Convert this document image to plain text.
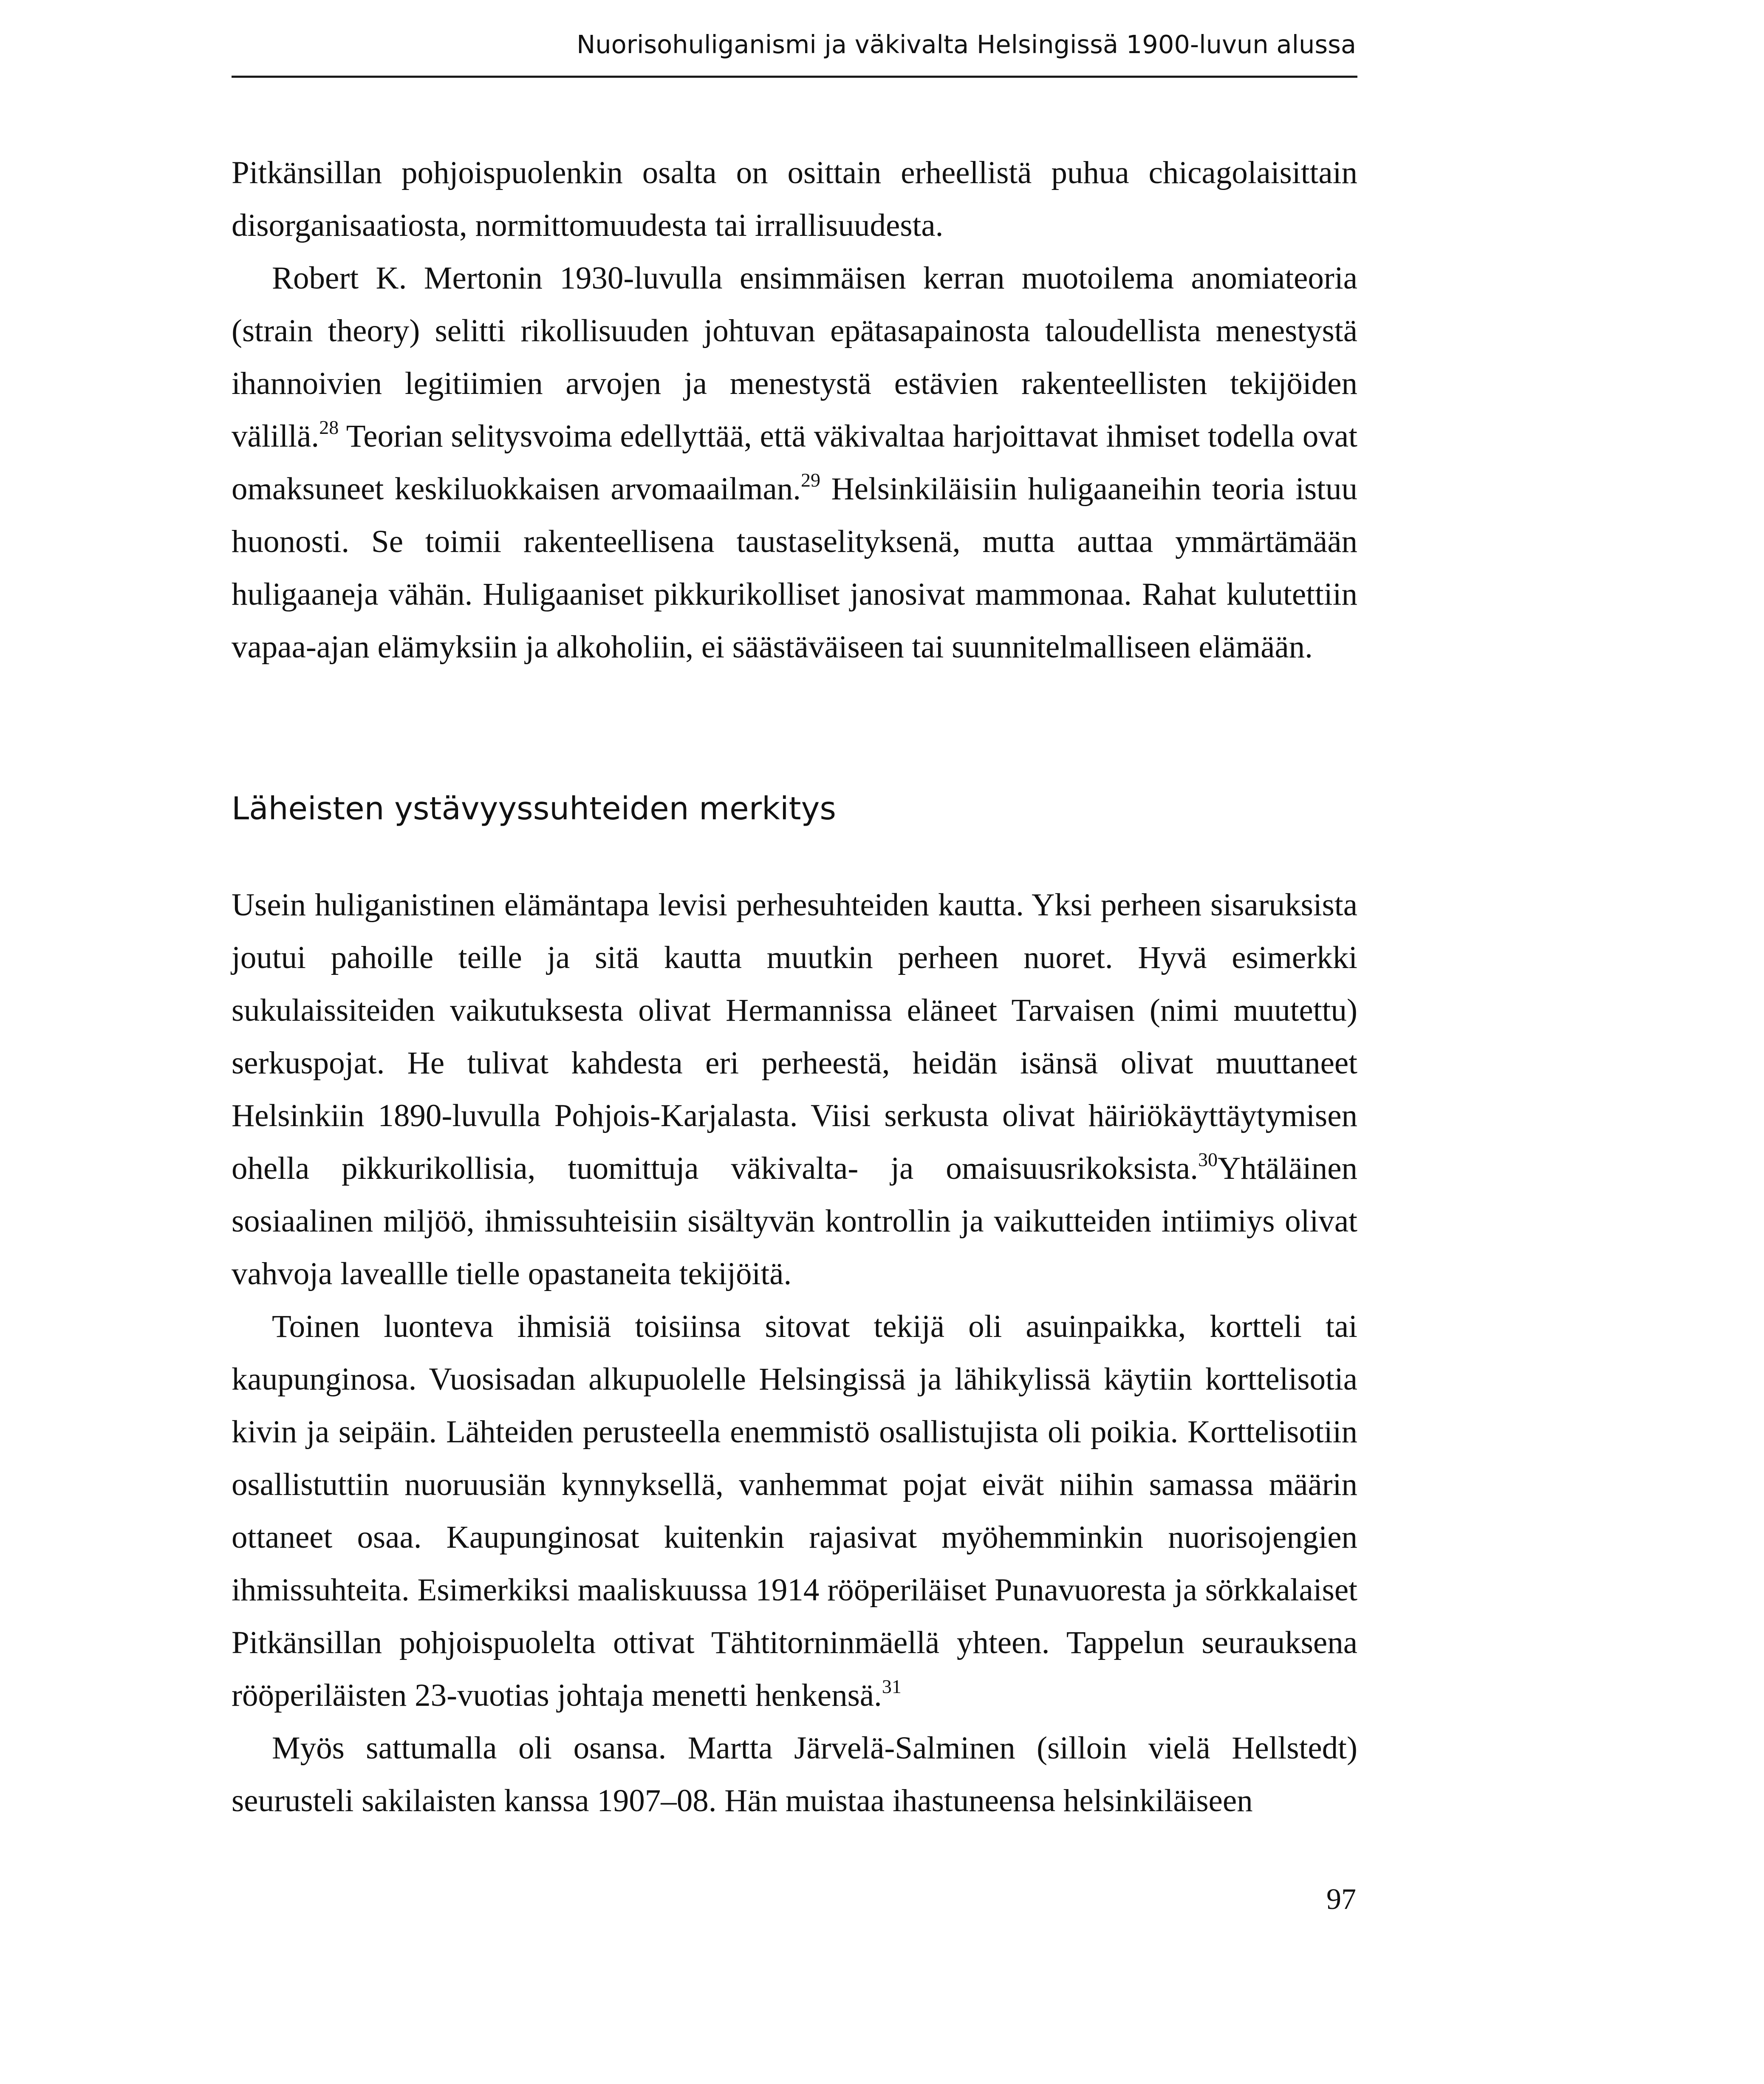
Nuorisohuliganismi ja väkivalta Helsingissä 1900-luvun alussa

Pitkänsillan pohjoispuolenkin osalta on osittain erheellistä puhua chicagolaisittain disorganisaatiosta, normittomuudesta tai irrallisuudesta.

Robert K. Mertonin 1930-luvulla ensimmäisen kerran muotoilema anomiateoria (strain theory) selitti rikollisuuden johtuvan epätasapainosta taloudellista menestystä ihannoivien legitiimien arvojen ja menestystä estävien rakenteellisten tekijöiden välillä.$^{28}$ Teorian selitysvoima edellyttää, että väkivaltaa harjoittavat ihmiset todella ovat omaksuneet keskiluokkaisen arvomaailman.$^{29}$ Helsinkiläisiin huligaaneihin teoria istuu huonosti. Se toimii rakenteellisena taustaselityksenä, mutta auttaa ymmärtämään huligaaneja vähän. Huligaaniset pikkurikolliset janosivat mammonaa. Rahat kulutettiin vapaa-ajan elämyksiin ja alkoholiin, ei säästäväiseen tai suunnitelmalliseen elämään.

Läheisten ystävyyssuhteiden merkitys

Usein huliganistinen elämäntapa levisi perhesuhteiden kautta. Yksi perheen sisaruksista joutui pahoille teille ja sitä kautta muutkin perheen nuoret. Hyvä esimerkki sukulaissiteiden vaikutuksesta olivat Hermannissa eläneet Tarvaisen (nimi muutettu) serkuspojat. He tulivat kahdesta eri perheestä, heidän isänsä olivat muuttaneet Helsinkiin 1890-luvulla Pohjois-Karjalasta. Viisi serkusta olivat häiriökäyttäytymisen ohella pikkurikollisia, tuomittuja väkivalta- ja omaisuusrikoksista.$^{30}$Yhtäläinen sosiaalinen miljöö, ihmissuhteisiin sisältyvän kontrollin ja vaikutteiden intiimiys olivat vahvoja laveallle tielle opastaneita tekijöitä.

Toinen luonteva ihmisiä toisiinsa sitovat tekijä oli asuinpaikka, kortteli tai kaupunginosa. Vuosisadan alkupuolelle Helsingissä ja lähikylissä käytiin korttelisotia kivin ja seipäin. Lähteiden perusteella enemmistö osallistujista oli poikia. Korttelisotiin osallistuttiin nuoruusiän kynnyksellä, vanhemmat pojat eivät niihin samassa määrin ottaneet osaa. Kaupunginosat kuitenkin rajasivat myöhemminkin nuorisojengien ihmissuhteita. Esimerkiksi maaliskuussa 1914 rööperiläiset Punavuoresta ja sörkkalaiset Pitkänsillan pohjoispuolelta ottivat Tähtitorninmäellä yhteen. Tappelun seurauksena rööperiläisten 23-vuotias johtaja menetti henkensä.$^{31}$

Myös sattumalla oli osansa. Martta Järvelä-Salminen (silloin vielä Hellstedt) seurusteli sakilaisten kanssa 1907–08. Hän muistaa ihastuneensa helsinkiläiseen

97
